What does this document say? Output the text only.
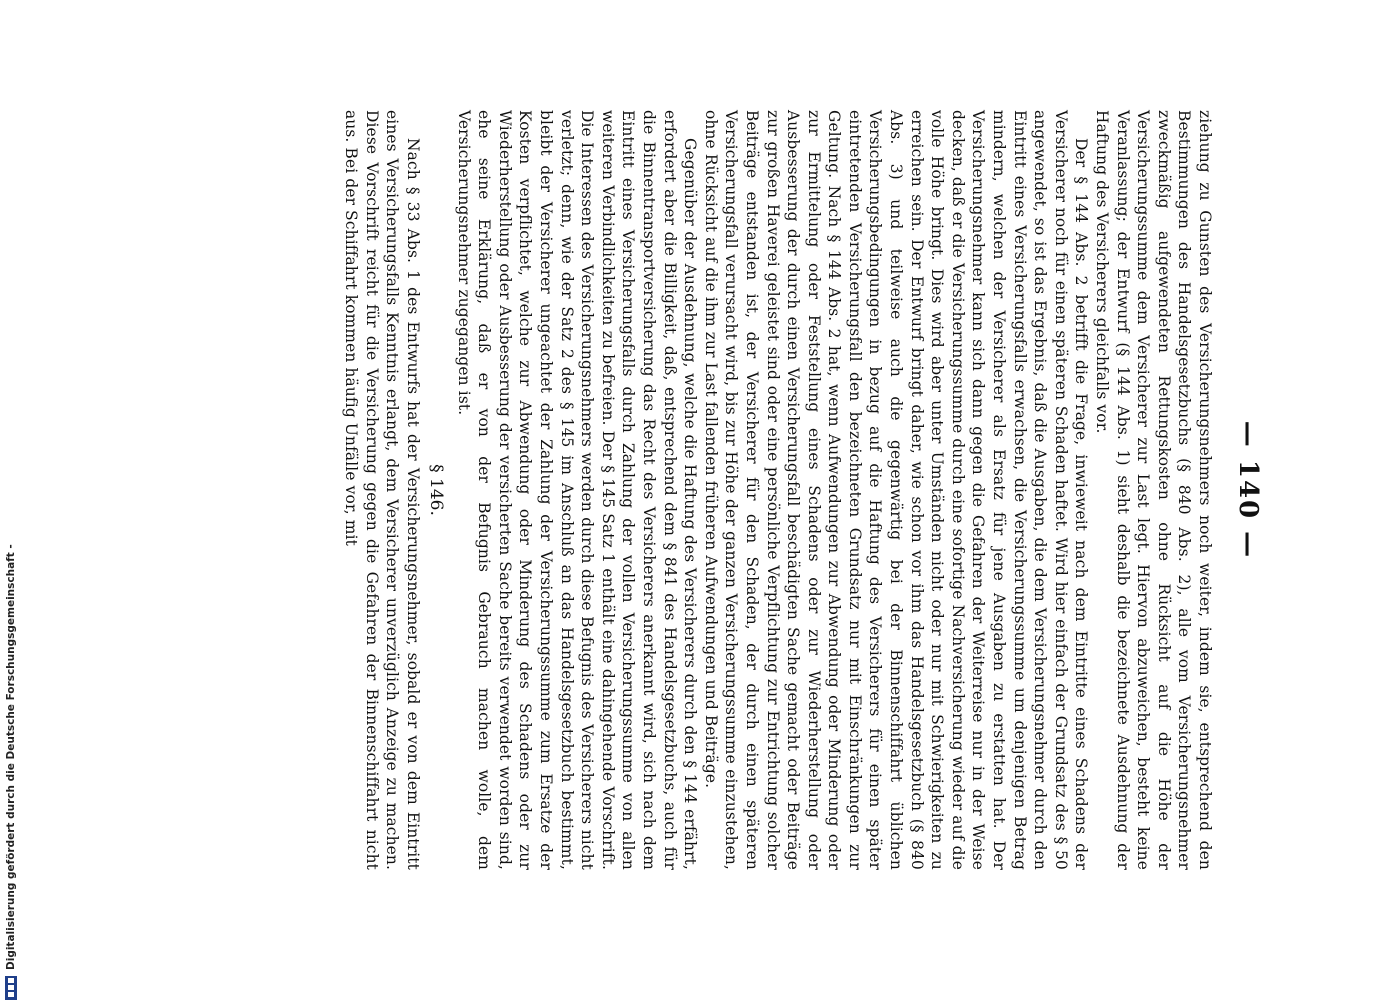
— 140 —

ziehung zu Gunsten des Versicherungsnehmers noch weiter, indem sie, entsprechend den Bestimmungen des Handelsgesetzbuchs (§ 840 Abs. 2), alle vom Versicherungsnehmer zweckmäßig aufgewendeten Rettungskosten ohne Rücksicht auf die Höhe der Versicherungssumme dem Versicherer zur Last legt. Hiervon abzuweichen, besteht keine Veranlassung; der Entwurf (§ 144 Abs. 1) sieht deshalb die bezeichnete Ausdehnung der Haftung des Versicherers gleichfalls vor.

Der § 144 Abs. 2 betrifft die Frage, inwieweit nach dem Eintritte eines Schadens der Versicherer noch für einen späteren Schaden haftet. Wird hier einfach der Grundsatz des § 50 angewendet, so ist das Ergebnis, daß die Ausgaben, die dem Versicherungsnehmer durch den Eintritt eines Versicherungsfalls erwachsen, die Versicherungssumme um denjenigen Betrag mindern, welchen der Versicherer als Ersatz für jene Ausgaben zu erstatten hat. Der Versicherungsnehmer kann sich dann gegen die Gefahren der Weiterreise nur in der Weise decken, daß er die Versicherungssumme durch eine sofortige Nachversicherung wieder auf die volle Höhe bringt. Dies wird aber unter Umständen nicht oder nur mit Schwierigkeiten zu erreichen sein. Der Entwurf bringt daher, wie schon vor ihm das Handelsgesetzbuch (§ 840 Abs. 3) und teilweise auch die gegenwärtig bei der Binnenschiffahrt üblichen Versicherungsbedingungen in bezug auf die Haftung des Versicherers für einen später eintretenden Versicherungsfall den bezeichneten Grundsatz nur mit Einschränkungen zur Geltung. Nach § 144 Abs. 2 hat, wenn Aufwendungen zur Abwendung oder Minderung oder zur Ermittelung oder Feststellung eines Schadens oder zur Wiederherstellung oder Ausbesserung der durch einen Versicherungsfall beschädigten Sache gemacht oder Beiträge zur großen Haverei geleistet sind oder eine persönliche Verpflichtung zur Entrichtung solcher Beiträge entstanden ist, der Versicherer für den Schaden, der durch einen späteren Versicherungsfall verursacht wird, bis zur Höhe der ganzen Versicherungssumme einzustehen, ohne Rücksicht auf die ihm zur Last fallenden früheren Aufwendungen und Beiträge.

Gegenüber der Ausdehnung, welche die Haftung des Versicherers durch den § 144 erfährt, erfordert aber die Billigkeit, daß, entsprechend dem § 841 des Handelsgesetzbuchs, auch für die Binnentransportversicherung das Recht des Versicherers anerkannt wird, sich nach dem Eintritt eines Versicherungsfalls durch Zahlung der vollen Versicherungssumme von allen weiteren Verbindlichkeiten zu befreien. Der § 145 Satz 1 enthält eine dahingehende Vorschrift. Die Interessen des Versicherungsnehmers werden durch diese Befugnis des Versicherers nicht verletzt; denn, wie der Satz 2 des § 145 im Anschluß an das Handelsgesetzbuch bestimmt, bleibt der Versicherer ungeachtet der Zahlung der Versicherungssumme zum Ersatze der Kosten verpflichtet, welche zur Abwendung oder Minderung des Schadens oder zur Wiederherstellung oder Ausbesserung der versicherten Sache bereits verwendet worden sind, ehe seine Erklärung, daß er von der Befugnis Gebrauch machen wolle, dem Versicherungsnehmer zugegangen ist.

§ 146.

Nach § 33 Abs. 1 des Entwurfs hat der Versicherungsnehmer, sobald er von dem Eintritt eines Versicherungsfalls Kenntnis erlangt, dem Versicherer unverzüglich Anzeige zu machen. Diese Vorschrift reicht für die Versicherung gegen die Gefahren der Binnenschiffahrt nicht aus. Bei der Schiffahrt kommen häufig Unfälle vor, mit

Digitalisierung gefördert durch die Deutsche Forschungsgemeinschaft -
